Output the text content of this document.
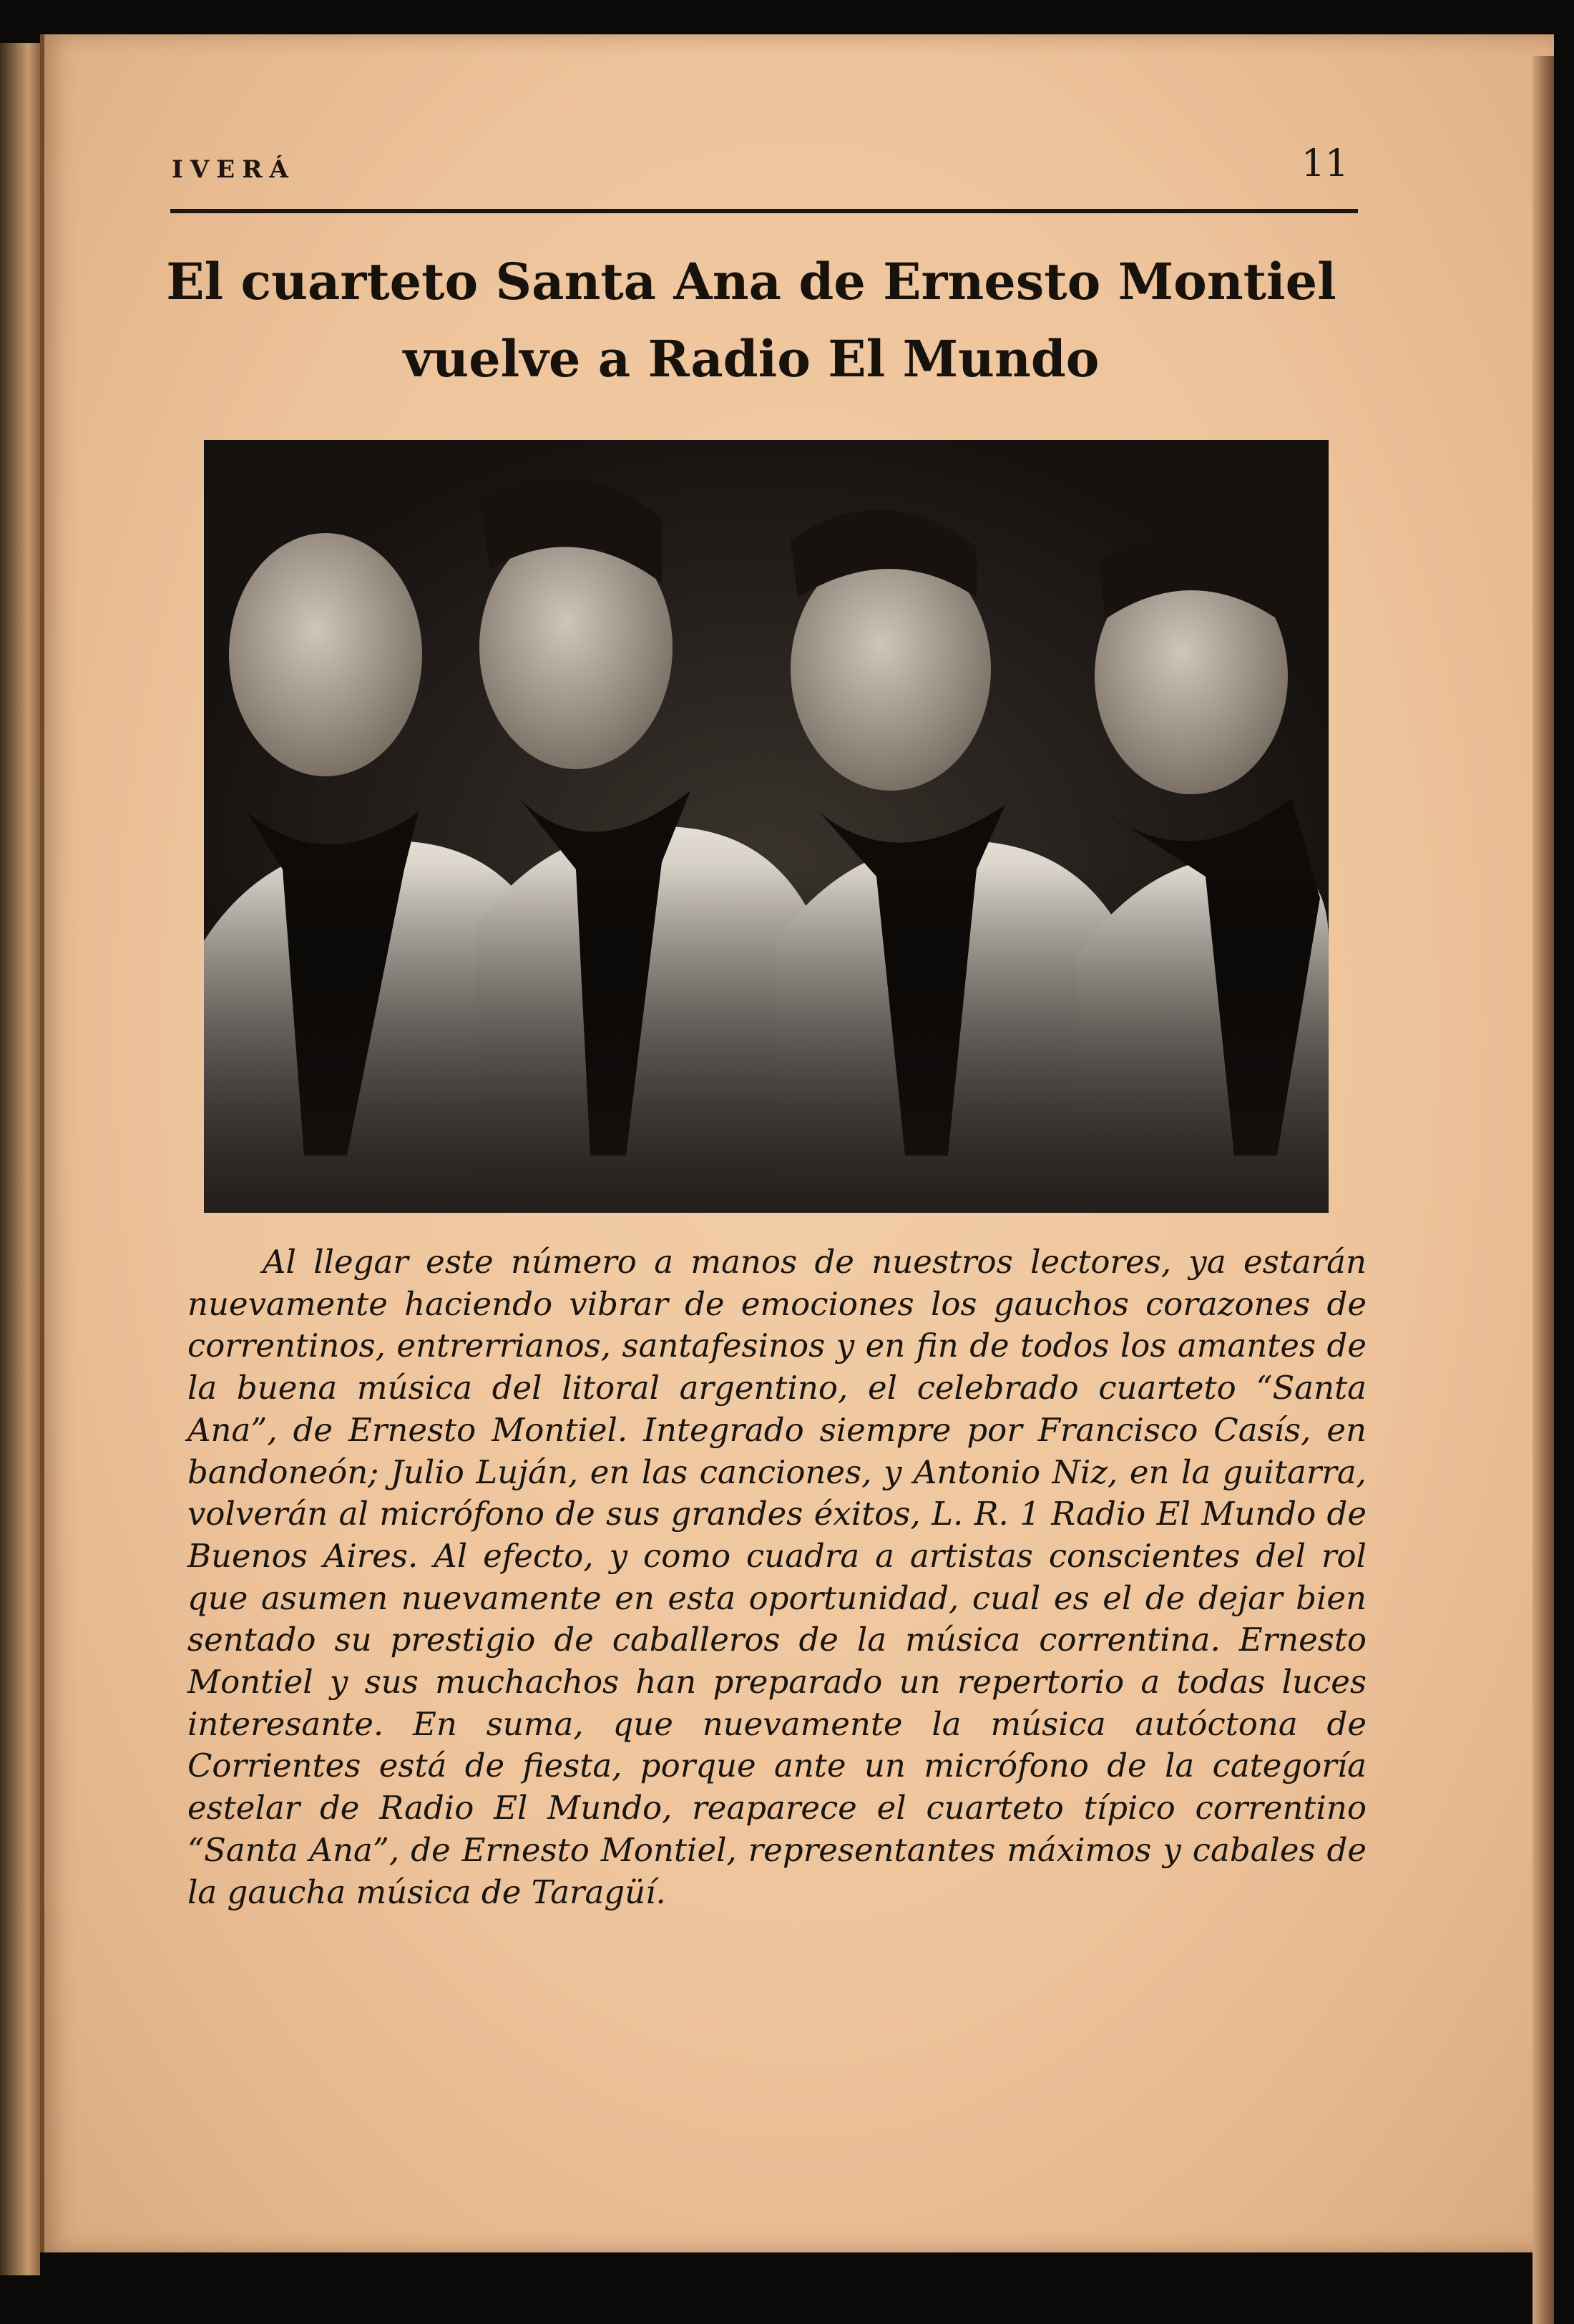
IVERÁ	11
El cuarteto Santa Ana de Ernesto Montiel vuelve a Radio El Mundo

Al llegar este número a manos de nuestros lectores, ya estarán nuevamente haciendo vibrar de emociones los gauchos corazones de correntinos, entrerrianos, santafesinos y en fin de todos los amantes de la buena música del litoral argentino, el celebrado cuarteto “Santa Ana”, de Ernesto Montiel. Integrado siempre por Francisco Casís, en bandoneón; Julio Luján, en las canciones, y Antonio Niz, en la guitarra, volverán al micrófono de sus grandes éxitos, L. R. 1 Radio El Mundo de Buenos Aires. Al efecto, y como cuadra a artistas conscientes del rol que asumen nuevamente en esta oportunidad, cual es el de dejar bien sentado su prestigio de caballeros de la música correntina. Ernesto Montiel y sus muchachos han preparado un repertorio a todas luces interesante. En suma, que nuevamente la música autóctona de Corrientes está de fiesta, porque ante un micrófono de la categoría estelar de Radio El Mundo, reaparece el cuarteto típico correntino “Santa Ana”, de Ernesto Montiel, representantes máximos y cabales de la gaucha música de Taragüí.
